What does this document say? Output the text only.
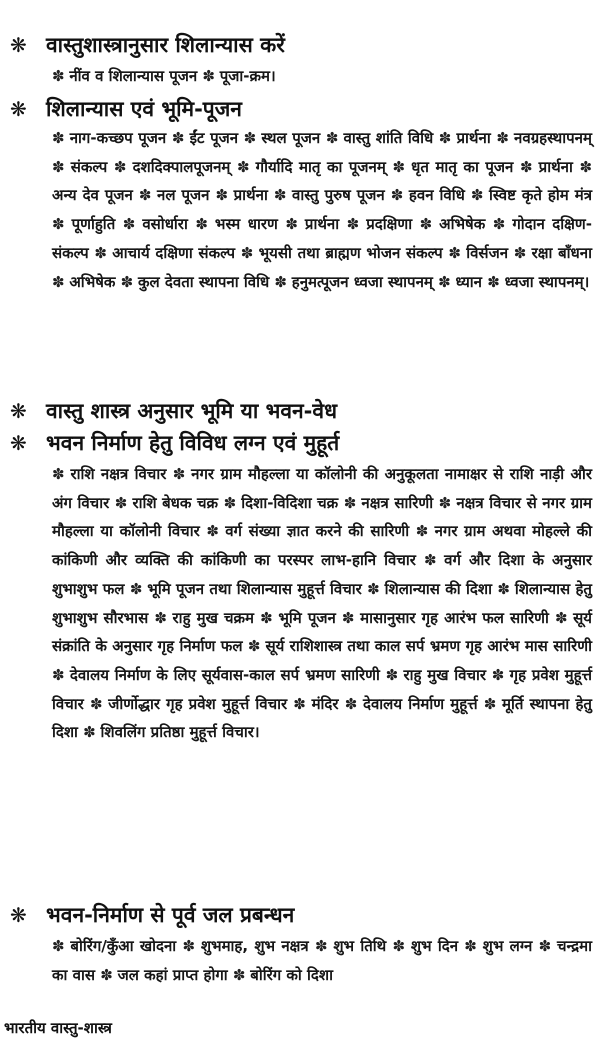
❋ वास्तुशास्त्रानुसार शिलान्यास करें
✽ नींव व शिलान्यास पूजन ✽ पूजा-क्रम।
❋ शिलान्यास एवं भूमि-पूजन
✽ नाग-कच्छप पूजन ✽ ईंट पूजन ✽ स्थल पूजन ✽ वास्तु शांति विधि ✽ प्रार्थना ✽ नवग्रहस्थापनम् ✽ संकल्प ✽ दशदिक्पालपूजनम् ✽ गौर्यादि मातृ का पूजनम् ✽ धृत मातृ का पूजन ✽ प्रार्थना ✽ अन्य देव पूजन ✽ नल पूजन ✽ प्रार्थना ✽ वास्तु पुरुष पूजन ✽ हवन विधि ✽ स्विष्ट कृते होम मंत्र ✽ पूर्णाहुति ✽ वसोर्धारा ✽ भस्म धारण ✽ प्रार्थना ✽ प्रदक्षिणा ✽ अभिषेक ✽ गोदान दक्षिण-संकल्प ✽ आचार्य दक्षिणा संकल्प ✽ भूयसी तथा ब्राह्मण भोजन संकल्प ✽ विर्सजन ✽ रक्षा बाँधना ✽ अभिषेक ✽ कुल देवता स्थापना विधि ✽ हनुमत्पूजन ध्वजा स्थापनम् ✽ ध्यान ✽ ध्वजा स्थापनम्।
❋ वास्तु शास्त्र अनुसार भूमि या भवन-वेध
❋ भवन निर्माण हेतु विविध लग्न एवं मुहूर्त
✽ राशि नक्षत्र विचार ✽ नगर ग्राम मौहल्ला या कॉलोनी की अनुकूलता नामाक्षर से राशि नाड़ी और अंग विचार ✽ राशि बेधक चक्र ✽ दिशा-विदिशा चक्र ✽ नक्षत्र सारिणी ✽ नक्षत्र विचार से नगर ग्राम मौहल्ला या कॉलोनी विचार ✽ वर्ग संख्या ज्ञात करने की सारिणी ✽ नगर ग्राम अथवा मोहल्ले की कांकिणी और व्यक्ति की कांकिणी का परस्पर लाभ-हानि विचार ✽ वर्ग और दिशा के अनुसार शुभाशुभ फल ✽ भूमि पूजन तथा शिलान्यास मुहूर्त्त विचार ✽ शिलान्यास की दिशा ✽ शिलान्यास हेतु शुभाशुभ सौरभास ✽ राहु मुख चक्रम ✽ भूमि पूजन ✽ मासानुसार गृह आरंभ फल सारिणी ✽ सूर्य संक्रांति के अनुसार गृह निर्माण फल ✽ सूर्य राशिशास्त्र तथा काल सर्प भ्रमण गृह आरंभ मास सारिणी ✽ देवालय निर्माण के लिए सूर्यवास-काल सर्प भ्रमण सारिणी ✽ राहु मुख विचार ✽ गृह प्रवेश मुहूर्त्त विचार ✽ जीर्णोद्धार गृह प्रवेश मुहूर्त्त विचार ✽ मंदिर ✽ देवालय निर्माण मुहूर्त्त ✽ मूर्ति स्थापना हेतु दिशा ✽ शिवलिंग प्रतिष्ठा मुहूर्त्त विचार।
❋ भवन-निर्माण से पूर्व जल प्रबन्धन
✽ बोरिंग/कुँआ खोदना ✽ शुभमाह, शुभ नक्षत्र ✽ शुभ तिथि ✽ शुभ दिन ✽ शुभ लग्न ✽ चन्द्रमा का वास ✽ जल कहां प्राप्त होगा ✽ बोरिंग को दिशा
भारतीय वास्तु-शास्त्र
